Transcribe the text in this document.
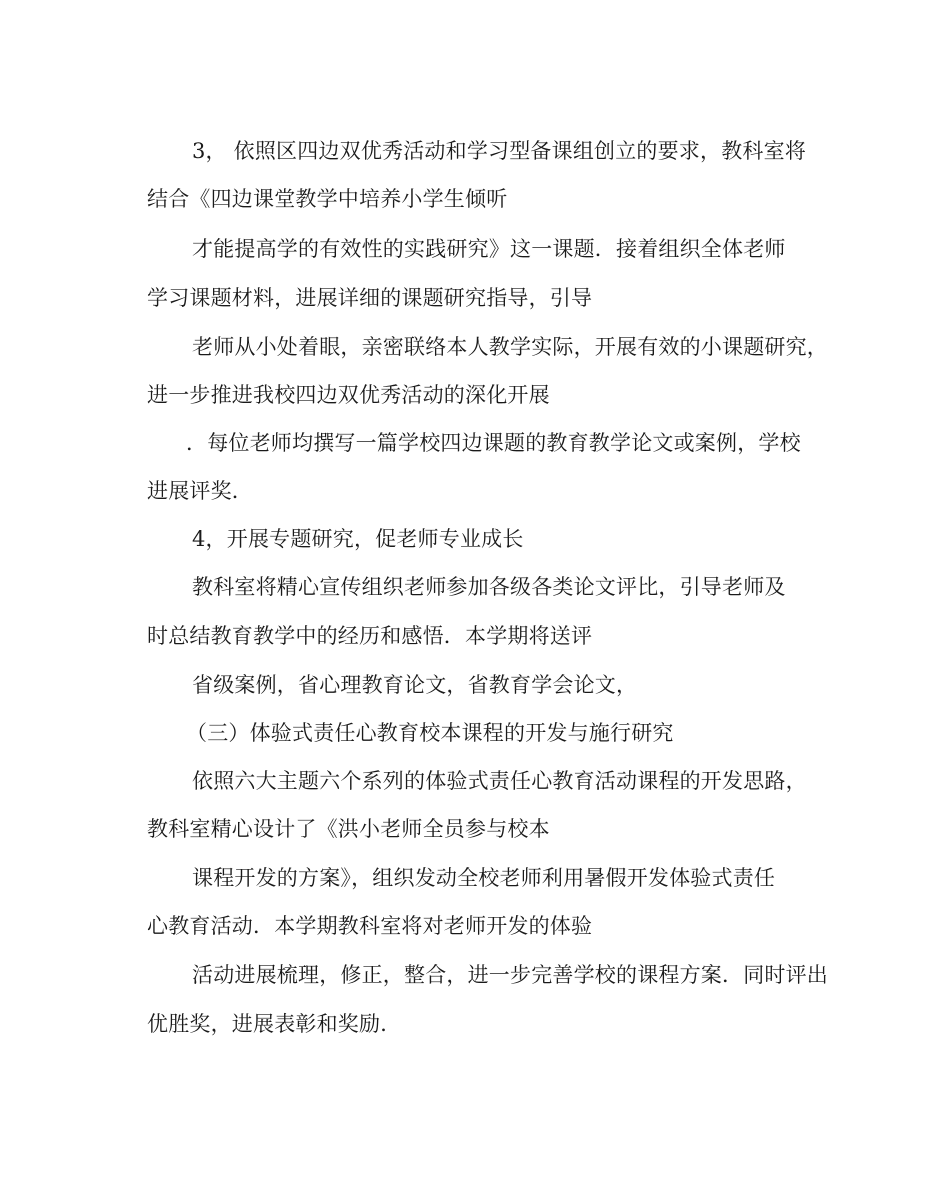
3， 依照区四边双优秀活动和学习型备课组创立的要求，教科室将
结合《四边课堂教学中培养小学生倾听
才能提高学的有效性的实践研究》这一课题．接着组织全体老师
学习课题材料，进展详细的课题研究指导，引导
老师从小处着眼，亲密联络本人教学实际，开展有效的小课题研究，
进一步推进我校四边双优秀活动的深化开展
．每位老师均撰写一篇学校四边课题的教育教学论文或案例，学校
进展评奖．
4，开展专题研究，促老师专业成长
教科室将精心宣传组织老师参加各级各类论文评比，引导老师及
时总结教育教学中的经历和感悟．本学期将送评
省级案例，省心理教育论文，省教育学会论文，
（三）体验式责任心教育校本课程的开发与施行研究
依照六大主题六个系列的体验式责任心教育活动课程的开发思路，
教科室精心设计了《洪小老师全员参与校本
课程开发的方案》，组织发动全校老师利用暑假开发体验式责任
心教育活动．本学期教科室将对老师开发的体验
活动进展梳理，修正，整合，进一步完善学校的课程方案．同时评出
优胜奖，进展表彰和奖励．
